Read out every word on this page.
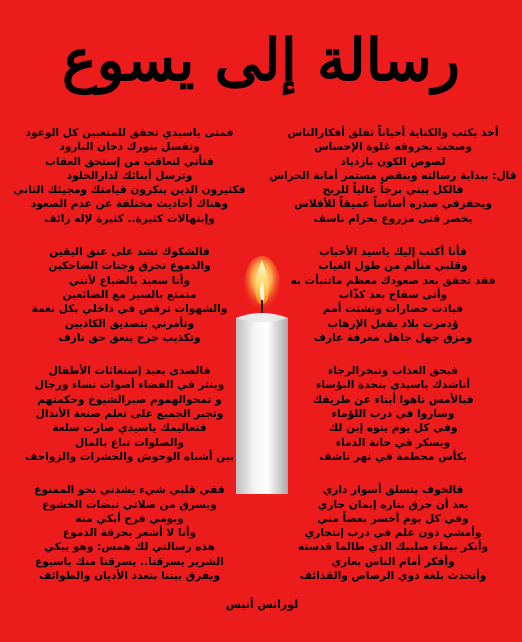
رسالة إلى يسوع
أخذ يكتب والكتابة أحياناً تقلق أفكارالناس
وصحت بحروفه غلوة الإحساس
لصوص الكون بازدياد
قال: ببداية رسالته وبنقص مستمر أمانة الحراس
فالكل يبني برجاً عالياً للريح
ويحفرفي صدره أساساً عميقاً للأفلاس
يخصر فتى مزروع بحزام ناسف
فأنا أكتب إليك ياسيد الأحباب
وقلبي متألم من طول الغياب
فقد تحقق بعد صعودك معظم ماتنبأت به
وأتى سفاح بعد كذّاب
فبادت حضارات وتشتت أمم
وُدمرت بلاد بفعل الإرهاب
ومزق جهل جاهل معرفة عارف
فبحق العذاب وتبخرالرجاء
أناشدك ياسيدي بنجدة البؤساء
فبالأمس تاهوا أبناء عن طريقك
وساروا في درب اللؤماء
وفي كل يوم يتوه إبن لك
ويسكر في حانة الدماء
بكأس محطمة في نهر ناشف
فالخوف يتسلق أسوار داري
بعد أن حرق بناره إيمان جاري
وفي كل يوم أخسر بعضاً مني
وأمشي دون علم في درب إنتحاري
وأنكر بيطء صليبك الذي طالما قدسته
وأفكر أمام الناس بعاري
وأتحدث بلغة دوي الرصاص والقذائف
فمتى ياسيدي تحقق للمتعبين كل الوعود
وتفسل بنورك دخان البارود
فتأتي لتعاقب من إستحق العقاب
وترسل أبنائك لدارالخلود
فكثيرون الذين ينكرون قيامتك ومجيئك الثاني
وهناك أحاديث مختلفة عن عدم الصعود
وإبتهالات كثيرة.. كثيرة لإله زائف
فالشكوك تشد على عنق اليقين
والدموع تحرق وجنات الضاحكين
وأنا سعيد بالضياع لأنني
متمتع بالسير مع الضائعين
والشهوات ترقص في داخلي بكل نغمة
وتأمرني بتصديق الكاذبين
وتكذيب جرح ينعق حق نازف
فالصدى يعيد إستغاثات الأطفال
وينثر في الفضاء أصوات نساء ورجال
و تمحوالهموم صبرالشيوخ وحكمتهم
وتجبر الجميع على تعلم صنعة الأنذال
فتعاليمك ياسيدي صارت سلعة
والصلوات تباع بالمال
بين أشباه الوحوش والحشرات والزواحف
ففي قلبي شيء يشدني نحو الممنوع
ويسرق من صلاتي نبضات الخشوع
ويومي فرح أبكي منه
وأنا لا أشعر بحرقة الدموع
هذه رسالتي لك همس: وهو يبكي
الشرير يسرقنا.. يسرقنا منك ياسيوع
ويفرق بيننا بتعدد الأديان والطوائف
لورانس أنيس
